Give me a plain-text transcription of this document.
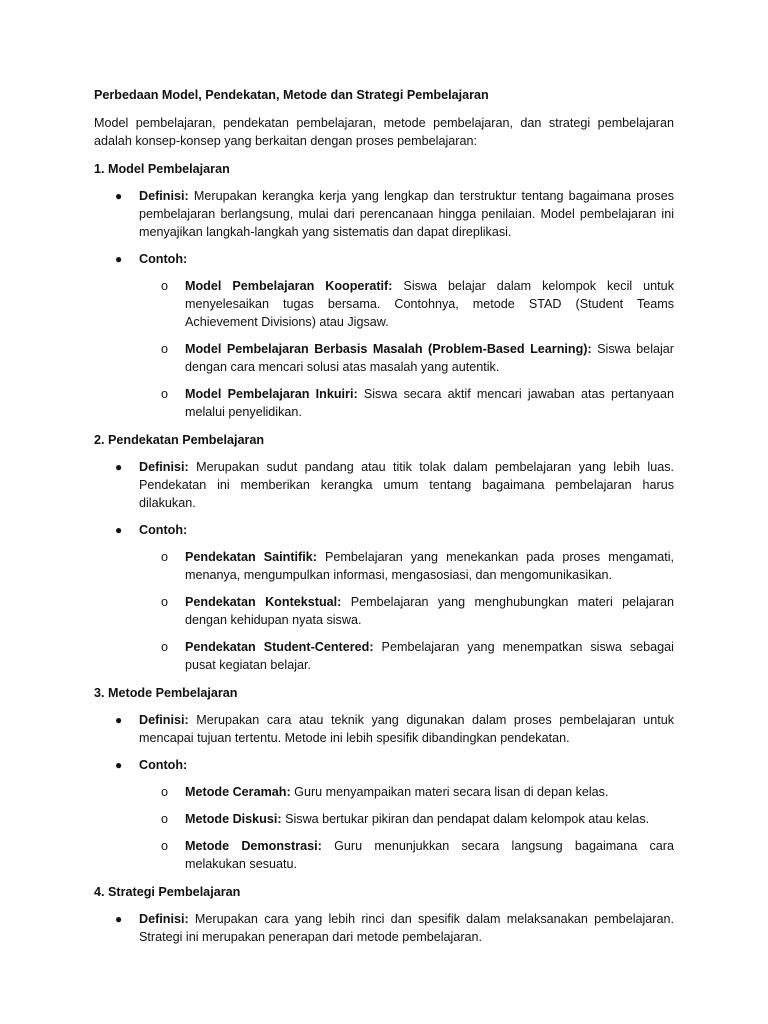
Perbedaan Model, Pendekatan, Metode dan Strategi Pembelajaran

Model pembelajaran, pendekatan pembelajaran, metode pembelajaran, dan strategi pembelajaran adalah konsep-konsep yang berkaitan dengan proses pembelajaran:

1. Model Pembelajaran

● Definisi: Merupakan kerangka kerja yang lengkap dan terstruktur tentang bagaimana proses pembelajaran berlangsung, mulai dari perencanaan hingga penilaian. Model pembelajaran ini menyajikan langkah-langkah yang sistematis dan dapat direplikasi.
● Contoh:
o Model Pembelajaran Kooperatif: Siswa belajar dalam kelompok kecil untuk menyelesaikan tugas bersama. Contohnya, metode STAD (Student Teams Achievement Divisions) atau Jigsaw.
o Model Pembelajaran Berbasis Masalah (Problem-Based Learning): Siswa belajar dengan cara mencari solusi atas masalah yang autentik.
o Model Pembelajaran Inkuiri: Siswa secara aktif mencari jawaban atas pertanyaan melalui penyelidikan.

2. Pendekatan Pembelajaran

● Definisi: Merupakan sudut pandang atau titik tolak dalam pembelajaran yang lebih luas. Pendekatan ini memberikan kerangka umum tentang bagaimana pembelajaran harus dilakukan.
● Contoh:
o Pendekatan Saintifik: Pembelajaran yang menekankan pada proses mengamati, menanya, mengumpulkan informasi, mengasosiasi, dan mengomunikasikan.
o Pendekatan Kontekstual: Pembelajaran yang menghubungkan materi pelajaran dengan kehidupan nyata siswa.
o Pendekatan Student-Centered: Pembelajaran yang menempatkan siswa sebagai pusat kegiatan belajar.

3. Metode Pembelajaran

● Definisi: Merupakan cara atau teknik yang digunakan dalam proses pembelajaran untuk mencapai tujuan tertentu. Metode ini lebih spesifik dibandingkan pendekatan.
● Contoh:
o Metode Ceramah: Guru menyampaikan materi secara lisan di depan kelas.
o Metode Diskusi: Siswa bertukar pikiran dan pendapat dalam kelompok atau kelas.
o Metode Demonstrasi: Guru menunjukkan secara langsung bagaimana cara melakukan sesuatu.

4. Strategi Pembelajaran

● Definisi: Merupakan cara yang lebih rinci dan spesifik dalam melaksanakan pembelajaran. Strategi ini merupakan penerapan dari metode pembelajaran.
